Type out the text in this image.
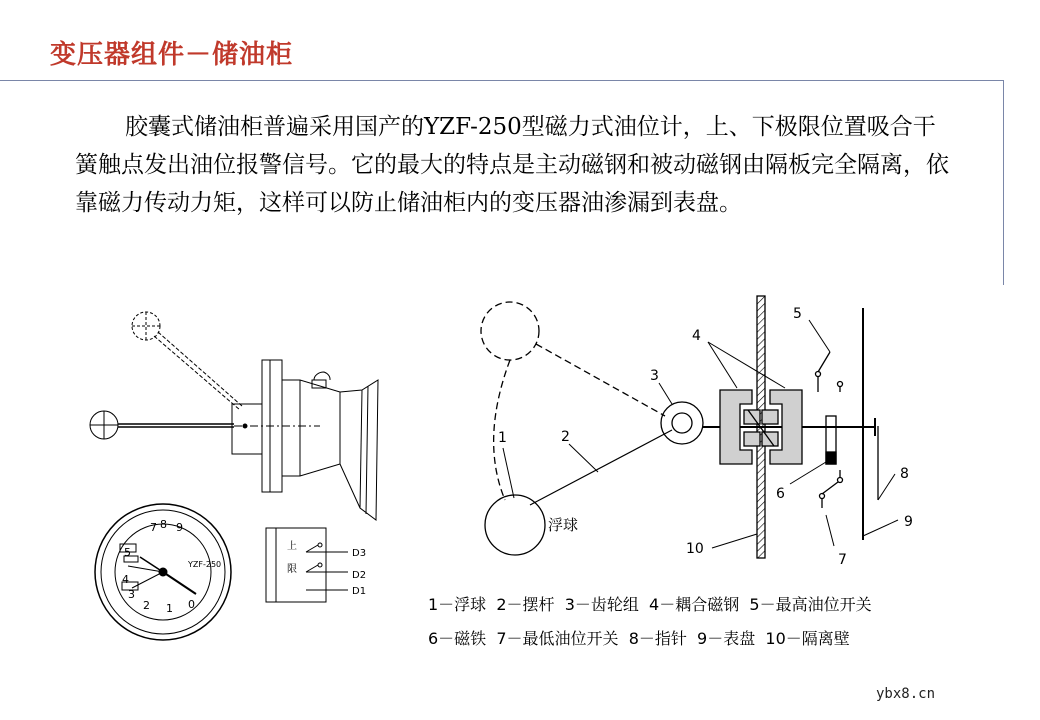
变压器组件－储油柜

胶囊式储油柜普遍采用国产的YZF-250型磁力式油位计，上、下极限位置吸合干簧触点发出油位报警信号。它的最大的特点是主动磁钢和被动磁钢由隔板完全隔离，依靠磁力传动力矩，这样可以防止储油柜内的变压器油渗漏到表盘。

7 8 9
5
4
3
2 1 0
YZF-250
上
限
D3
D2
D1
浮球
1	2
3
4
5
6
7
8
9
10
1－浮球  2－摆杆  3－齿轮组  4－耦合磁钢  5－最高油位开关
6－磁铁  7－最低油位开关  8－指针  9－表盘  10－隔离壁
ybx8.cn
